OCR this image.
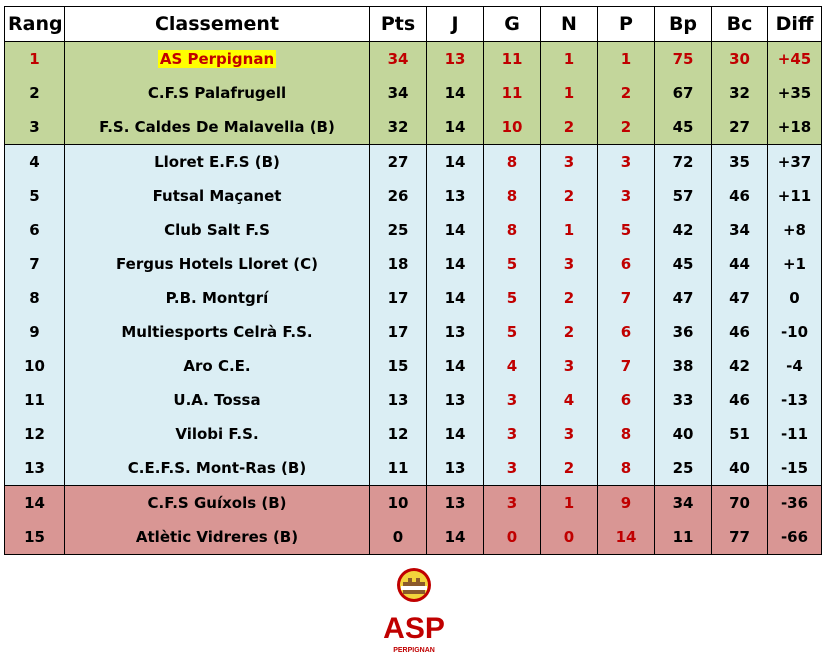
Rang	Classement	Pts	J	G	N	P	Bp	Bc	Diff
1	AS Perpignan	34	13	11	1	1	75	30	+45
2	C.F.S Palafrugell	34	14	11	1	2	67	32	+35
3	F.S. Caldes De Malavella (B)	32	14	10	2	2	45	27	+18
4	Lloret E.F.S (B)	27	14	8	3	3	72	35	+37
5	Futsal Maçanet	26	13	8	2	3	57	46	+11
6	Club Salt F.S	25	14	8	1	5	42	34	+8
7	Fergus Hotels Lloret (C)	18	14	5	3	6	45	44	+1
8	P.B. Montgrí	17	14	5	2	7	47	47	0
9	Multiesports Celrà F.S.	17	13	5	2	6	36	46	-10
10	Aro C.E.	15	14	4	3	7	38	42	-4
11	U.A. Tossa	13	13	3	4	6	33	46	-13
12	Vilobi F.S.	12	14	3	3	8	40	51	-11
13	C.E.F.S. Mont-Ras (B)	11	13	3	2	8	25	40	-15
14	C.F.S Guíxols (B)	10	13	3	1	9	34	70	-36
15	Atlètic Vidreres (B)	0	14	0	0	14	11	77	-66
ASP
PERPIGNAN
